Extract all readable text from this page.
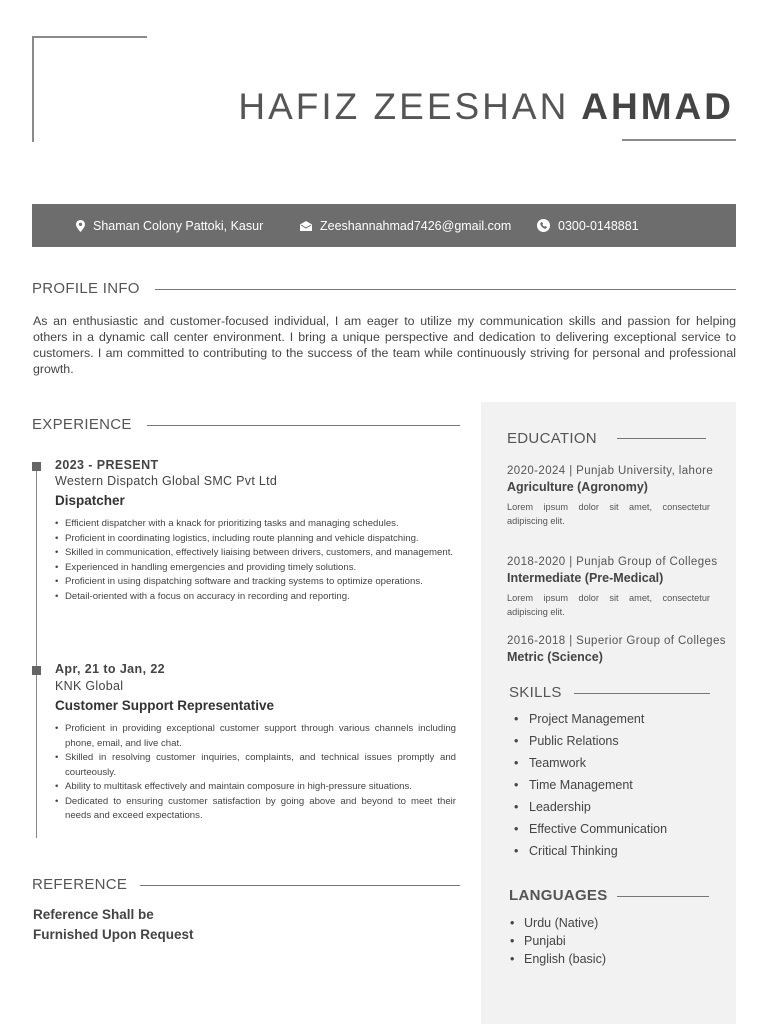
HAFIZ ZEESHAN AHMAD
Shaman Colony Pattoki, Kasur	Zeeshannahmad7426@gmail.com	0300-0148881
PROFILE INFO

As an enthusiastic and customer-focused individual, I am eager to utilize my communication skills and passion for helping others in a dynamic call center environment. I bring a unique perspective and dedication to delivering exceptional service to customers. I am committed to contributing to the success of the team while continuously striving for personal and professional growth.

EXPERIENCE
2023 - PRESENT
Western Dispatch Global SMC Pvt Ltd
Dispatcher
• Efficient dispatcher with a knack for prioritizing tasks and managing schedules.
• Proficient in coordinating logistics, including route planning and vehicle dispatching.
• Skilled in communication, effectively liaising between drivers, customers, and management.
• Experienced in handling emergencies and providing timely solutions.
• Proficient in using dispatching software and tracking systems to optimize operations.
• Detail-oriented with a focus on accuracy in recording and reporting.
Apr, 21 to Jan, 22
KNK Global
Customer Support Representative
• Proficient in providing exceptional customer support through various channels including phone, email, and live chat.
• Skilled in resolving customer inquiries, complaints, and technical issues promptly and courteously.
• Ability to multitask effectively and maintain composure in high-pressure situations.
• Dedicated to ensuring customer satisfaction by going above and beyond to meet their needs and exceed expectations.
REFERENCE
Reference Shall be
Furnished Upon Request
EDUCATION
2020-2024 | Punjab University, lahore
Agriculture (Agronomy)
Lorem ipsum dolor sit amet, consectetur adipiscing elit.
2018-2020 | Punjab Group of Colleges
Intermediate (Pre-Medical)
Lorem ipsum dolor sit amet, consectetur adipiscing elit.
2016-2018 | Superior Group of Colleges
Metric (Science)
SKILLS
• Project Management
• Public Relations
• Teamwork
• Time Management
• Leadership
• Effective Communication
• Critical Thinking
LANGUAGES
• Urdu (Native)
• Punjabi
• English (basic)
